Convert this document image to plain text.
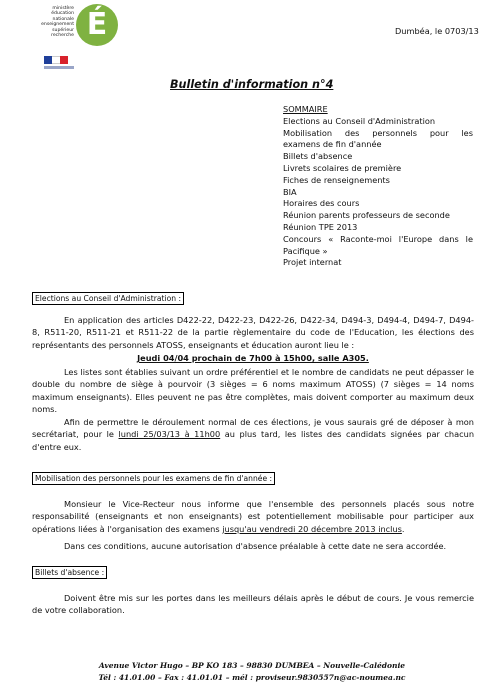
ministère
éducation
nationale
enseignement
supérieur
recherche É	Dumbéa, le 0703/13
Bulletin d'information n°4
SOMMAIRE
Elections au Conseil d'Administration
Mobilisation des personnels pour les
examens de fin d'année
Billets d'absence
Livrets scolaires de première
Fiches de renseignements
BIA
Horaires des cours
Réunion parents professeurs de seconde
Réunion TPE 2013
Concours « Raconte-moi l'Europe dans le
Pacifique »
Projet internat
Elections au Conseil d'Administration :
En application des articles D422-22, D422-23, D422-26, D422-34, D494-3, D494-4, D494-7, D494-8, R511-20, R511-21 et R511-22 de la partie règlementaire du code de l'Education, les élections des représentants des personnels ATOSS, enseignants et éducation auront lieu le :
Jeudi 04/04 prochain de 7h00 à 15h00, salle A305.
Les listes sont établies suivant un ordre préférentiel et le nombre de candidats ne peut dépasser le double du nombre de siège à pourvoir (3 sièges = 6 noms maximum ATOSS) (7 sièges = 14 noms maximum enseignants). Elles peuvent ne pas être complètes, mais doivent comporter au maximum deux noms.
Afin de permettre le déroulement normal de ces élections, je vous saurais gré de déposer à mon secrétariat, pour le lundi 25/03/13 à 11h00 au plus tard, les listes des candidats signées par chacun d'entre eux.
Mobilisation des personnels pour les examens de fin d'année :
Monsieur le Vice-Recteur nous informe que l'ensemble des personnels placés sous notre responsabilité (enseignants et non enseignants) est potentiellement mobilisable pour participer aux opérations liées à l'organisation des examens jusqu'au vendredi 20 décembre 2013 inclus.
Dans ces conditions, aucune autorisation d'absence préalable à cette date ne sera accordée.
Billets d'absence :
Doivent être mis sur les portes dans les meilleurs délais après le début de cours. Je vous remercie de votre collaboration.
Avenue Victor Hugo – BP KO 183 – 98830 DUMBEA – Nouvelle-Calédonie
Tél : 41.01.00 – Fax : 41.01.01 – mél : proviseur.9830557n@ac-noumea.nc
